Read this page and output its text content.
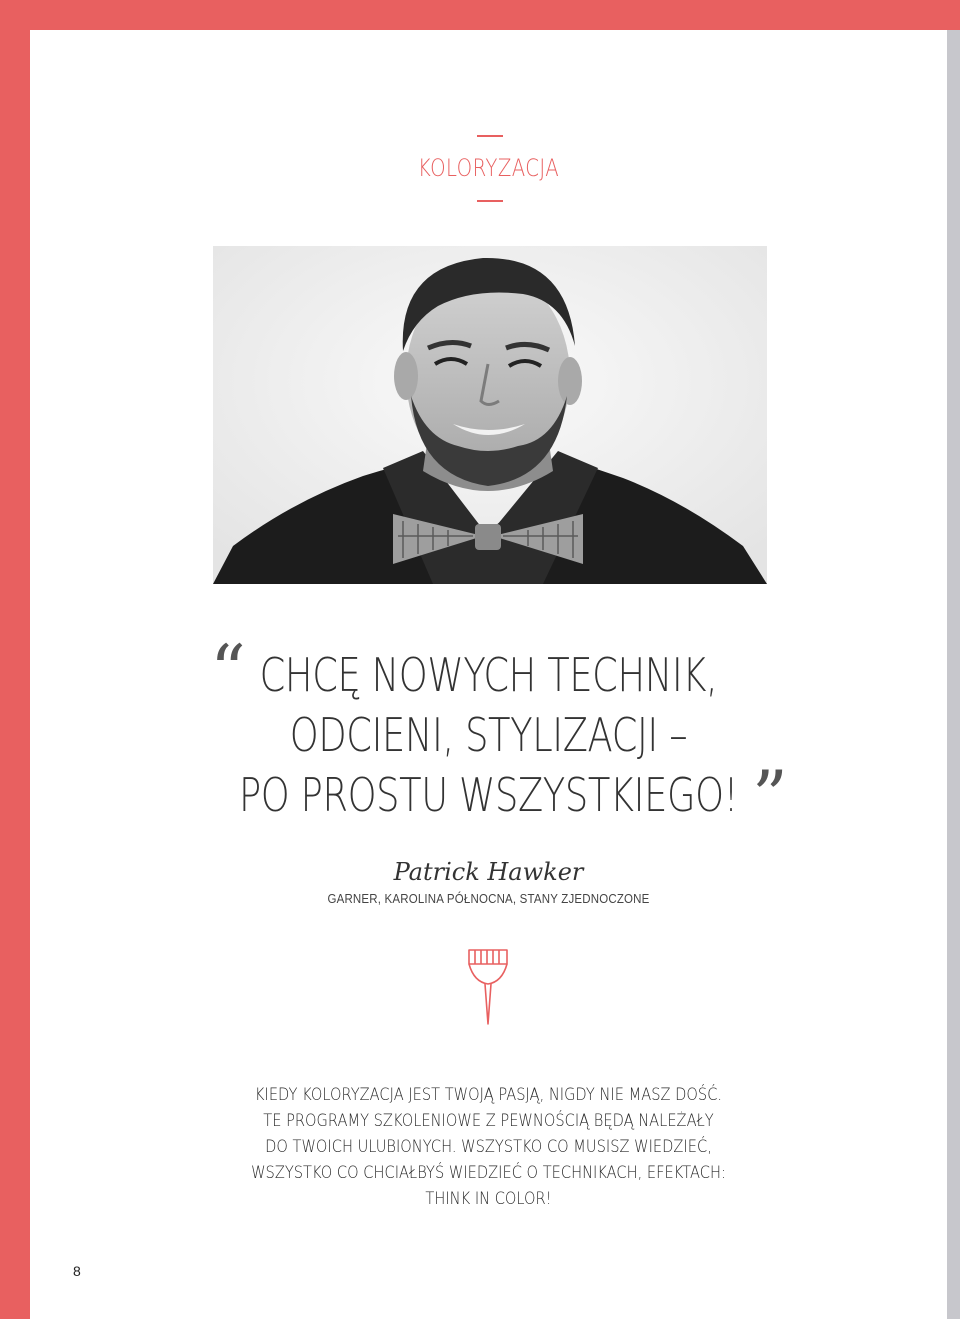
KOLORYZACJA
CHCĘ NOWYCH TECHNIK,
ODCIENI, STYLIZACJI –
PO PROSTU WSZYSTKIEGO!
“
”
Patrick Hawker
GARNER, KAROLINA PÓŁNOCNA, STANY ZJEDNOCZONE
KIEDY KOLORYZACJA JEST TWOJĄ PASJĄ, NIGDY NIE MASZ DOŚĆ.
TE PROGRAMY SZKOLENIOWE Z PEWNOŚCIĄ BĘDĄ NALEŻAŁY
DO TWOICH ULUBIONYCH. WSZYSTKO CO MUSISZ WIEDZIEĆ,
WSZYSTKO CO CHCIAŁBYŚ WIEDZIEĆ O TECHNIKACH, EFEKTACH:
THINK IN COLOR!
8
